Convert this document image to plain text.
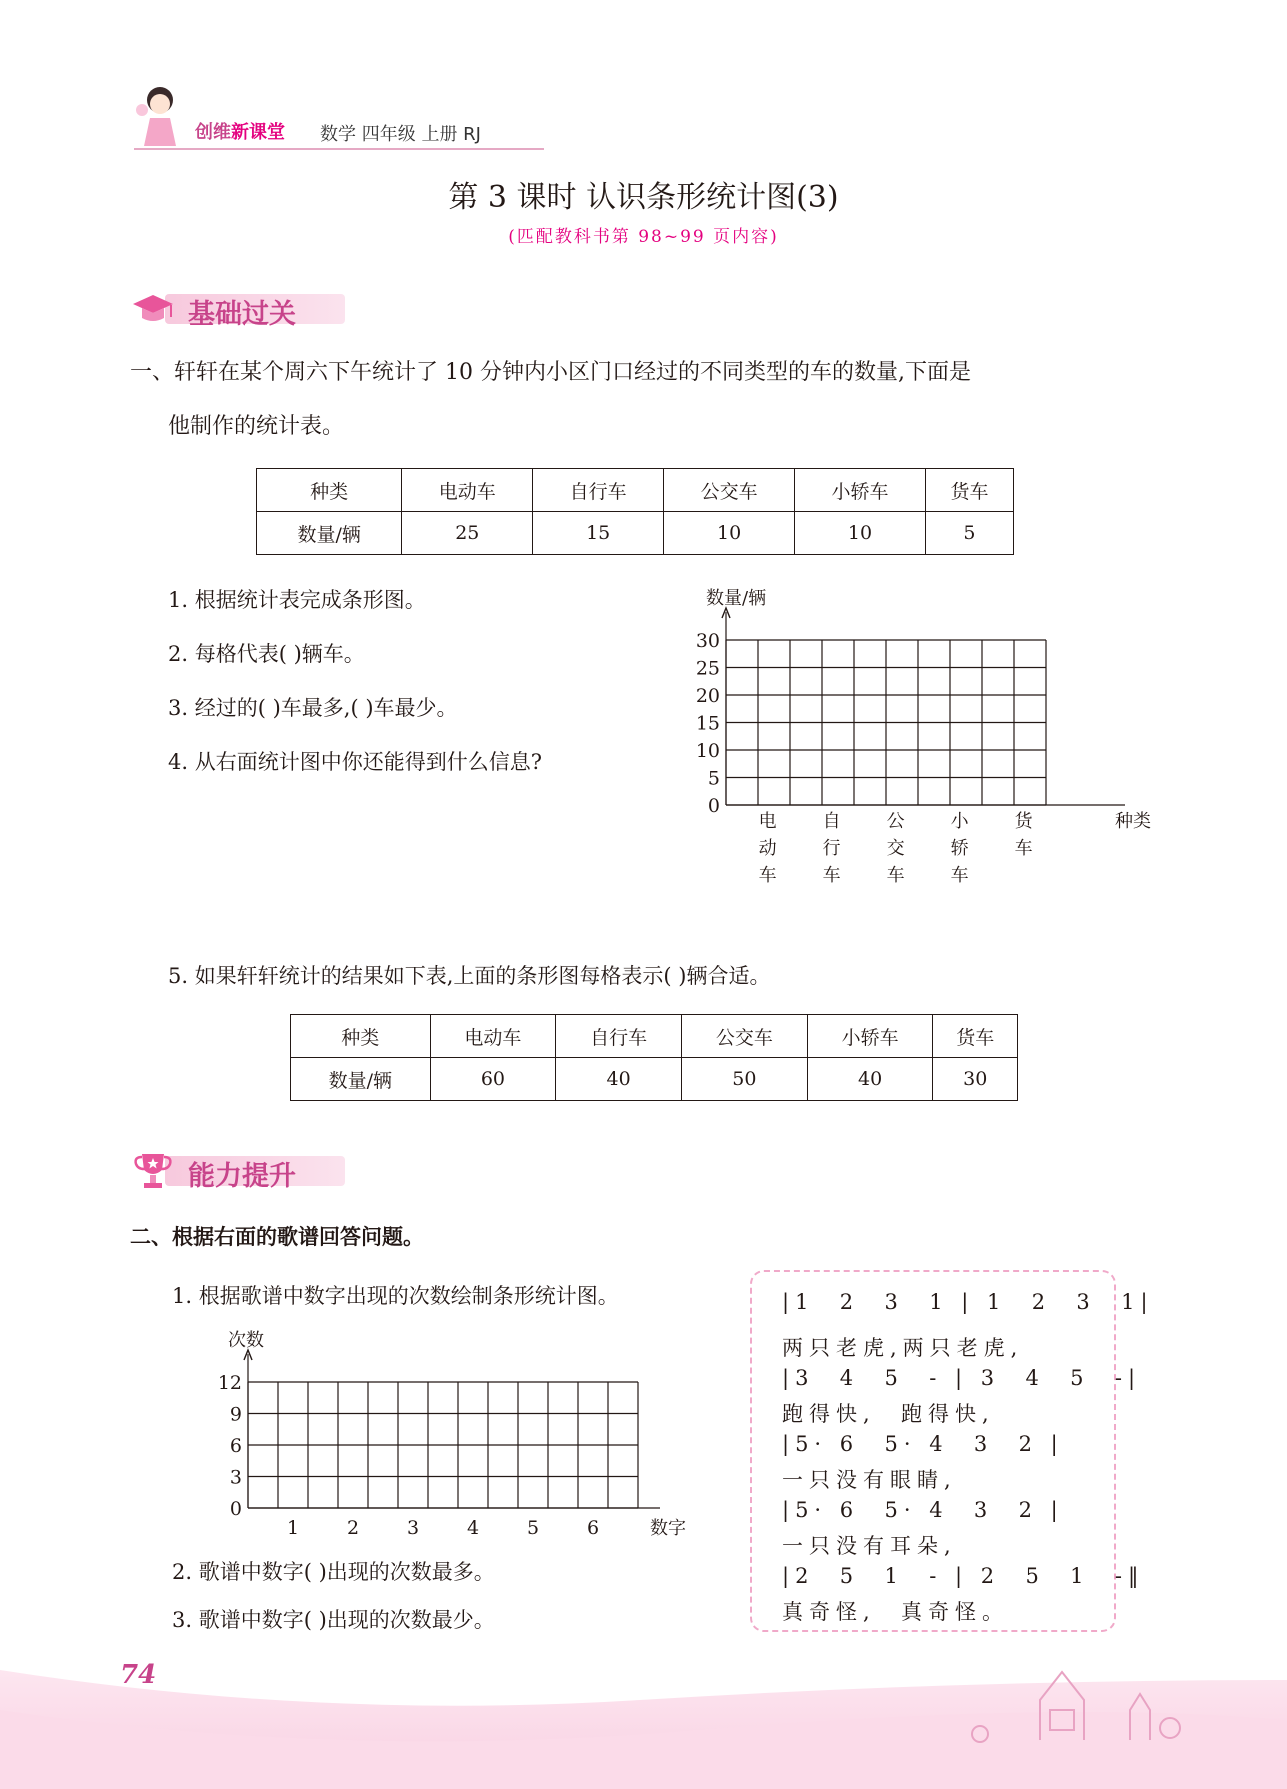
创维新课堂 数学 四年级 上册 RJ
第 3 课时 认识条形统计图(3)
(匹配教科书第 98~99 页内容)
基础过关
一、轩轩在某个周六下午统计了 10 分钟内小区门口经过的不同类型的车的数量,下面是
他制作的统计表。
种类	电动车	自行车	公交车	小轿车	货车
数量/辆	25	15	10	10	5
1. 根据统计表完成条形图。
2. 每格代表( )辆车。
3. 经过的( )车最多,( )车最少。
4. 从右面统计图中你还能得到什么信息?
0
5
10
15
20
25
30
数量/辆
种类
电动车
自行车
公交车
小轿车
货车
5. 如果轩轩统计的结果如下表,上面的条形图每格表示( )辆合适。
种类	电动车	自行车	公交车	小轿车	货车
数量/辆	60	40	50	40	30
能力提升
二、根据右面的歌谱回答问题。
1. 根据歌谱中数字出现的次数绘制条形统计图。
0
3
6
9
12
次数
数字
1	2	3	4	5	6
2. 歌谱中数字( )出现的次数最多。
3. 歌谱中数字( )出现的次数最少。
|1  2  3  1 | 1  2  3  1|
两只老虎,两只老虎,
|3  4  5  - | 3  4  5  -|
跑得快,  跑得快,
|5· 6  5· 4  3  2 |
一只没有眼睛,
|5· 6  5· 4  3  2 |
一只没有耳朵,
|2  5  1  - | 2  5  1  -‖
真奇怪,  真奇怪。
74
